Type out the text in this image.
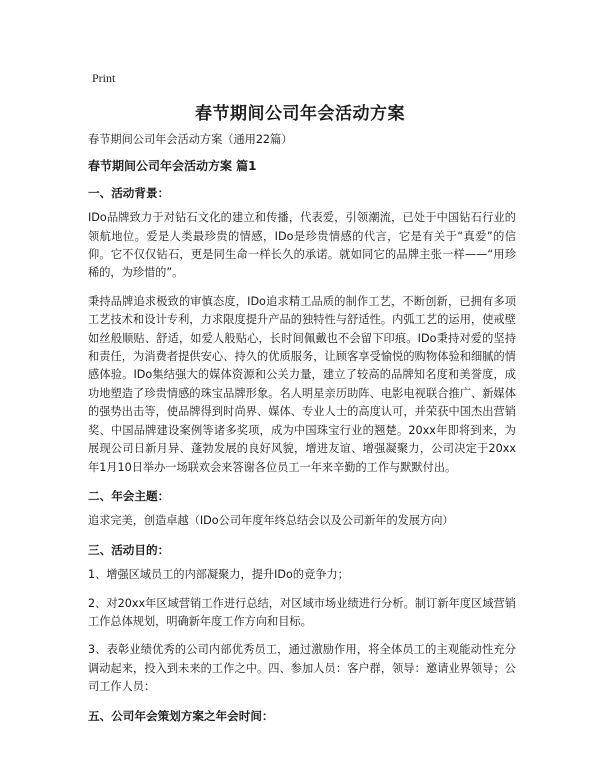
Print
春节期间公司年会活动方案

春节期间公司年会活动方案（通用22篇）

春节期间公司年会活动方案 篇1

一、活动背景：

IDo品牌致力于对钻石文化的建立和传播，代表爱，引领潮流，已处于中国钻石行业的领航地位。爱是人类最珍贵的情感，IDo是珍贵情感的代言，它是有关于“真爱”的信仰。它不仅仅钻石，更是同生命一样长久的承诺。就如同它的品牌主张一样——“用珍稀的，为珍惜的”。

秉持品牌追求极致的审慎态度，IDo追求精工品质的制作工艺，不断创新，已拥有多项工艺技术和设计专利，力求限度提升产品的独特性与舒适性。内弧工艺的运用，使戒壁如丝般顺贴、舒适，如爱人般贴心，长时间佩戴也不会留下印痕。IDo秉持对爱的坚持和责任，为消费者提供安心、持久的优质服务，让顾客享受愉悦的购物体验和细腻的情感体验。IDo集结强大的媒体资源和公关力量，建立了较高的品牌知名度和美誉度，成功地塑造了珍贵情感的珠宝品牌形象。名人明星亲历助阵、电影电视联合推广、新媒体的强势出击等，使品牌得到时尚界、媒体、专业人士的高度认可，并荣获中国杰出营销奖、中国品牌建设案例等诸多奖项，成为中国珠宝行业的翘楚。20xx年即将到来，为展现公司日新月异、蓬勃发展的良好风貌，增进友谊、增强凝聚力，公司决定于20xx年1月10日举办一场联欢会来答谢各位员工一年来辛勤的工作与默默付出。

二、年会主题：

追求完美，创造卓越（IDo公司年度年终总结会以及公司新年的发展方向）

三、活动目的：

1、增强区域员工的内部凝聚力，提升IDo的竞争力；

2、对20xx年区域营销工作进行总结，对区域市场业绩进行分析。制订新年度区域营销工作总体规划，明确新年度工作方向和目标。

3、表彰业绩优秀的公司内部优秀员工，通过激励作用，将全体员工的主观能动性充分调动起来，投入到未来的工作之中。四、参加人员：客户群，领导：邀请业界领导；公司工作人员：

五、公司年会策划方案之年会时间：
